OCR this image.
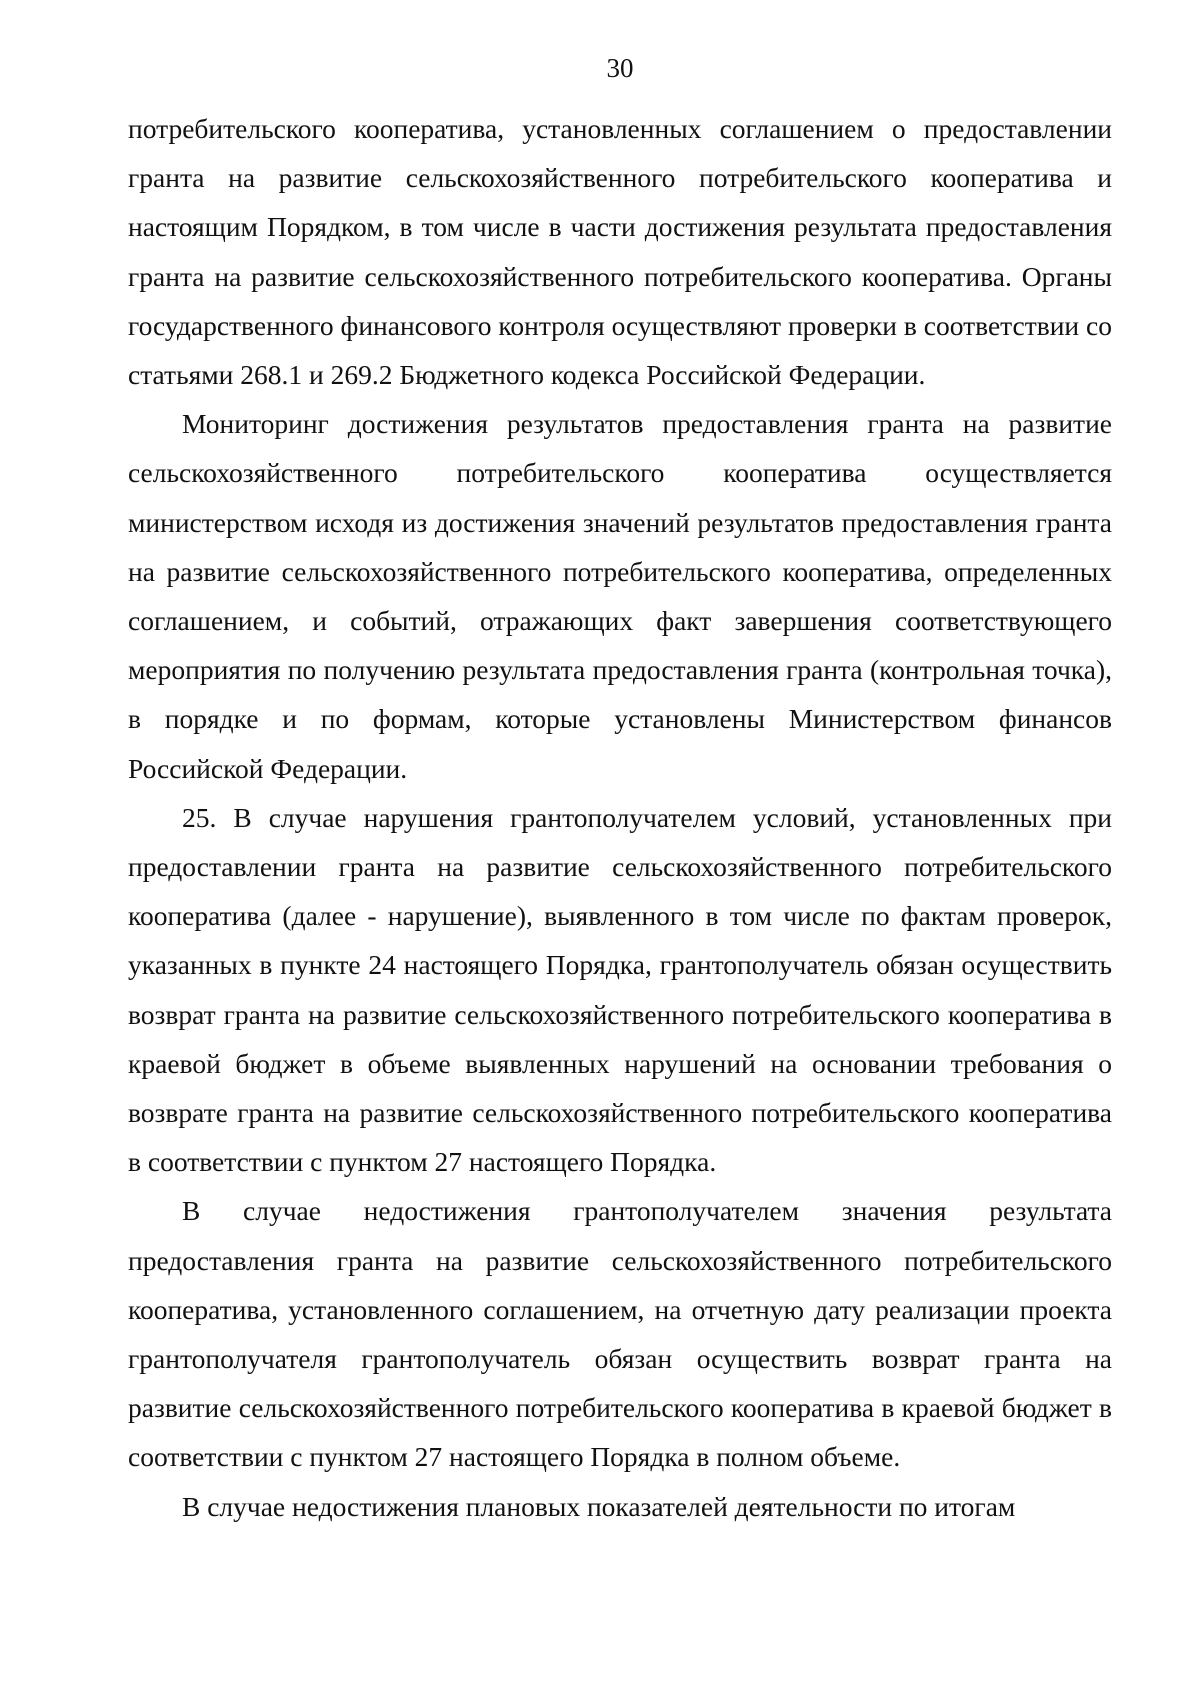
30

потребительского кооператива, установленных соглашением о предоставлении гранта на развитие сельскохозяйственного потребительского кооператива и настоящим Порядком, в том числе в части достижения результата предоставления гранта на развитие сельскохозяйственного потребительского кооператива. Органы государственного финансового контроля осуществляют проверки в соответствии со статьями 268.1 и 269.2 Бюджетного кодекса Российской Федерации.

Мониторинг достижения результатов предоставления гранта на развитие сельскохозяйственного потребительского кооператива осуществляется министерством исходя из достижения значений результатов предоставления гранта на развитие сельскохозяйственного потребительского кооператива, определенных соглашением, и событий, отражающих факт завершения соответствующего мероприятия по получению результата предоставления гранта (контрольная точка), в порядке и по формам, которые установлены Министерством финансов Российской Федерации.

25. В случае нарушения грантополучателем условий, установленных при предоставлении гранта на развитие сельскохозяйственного потребительского кооператива (далее - нарушение), выявленного в том числе по фактам проверок, указанных в пункте 24 настоящего Порядка, грантополучатель обязан осуществить возврат гранта на развитие сельскохозяйственного потребительского кооператива в краевой бюджет в объеме выявленных нарушений на основании требования о возврате гранта на развитие сельскохозяйственного потребительского кооператива в соответствии с пунктом 27 настоящего Порядка.

В случае недостижения грантополучателем значения результата предоставления гранта на развитие сельскохозяйственного потребительского кооператива, установленного соглашением, на отчетную дату реализации проекта грантополучателя грантополучатель обязан осуществить возврат гранта на развитие сельскохозяйственного потребительского кооператива в краевой бюджет в соответствии с пунктом 27 настоящего Порядка в полном объеме.

В случае недостижения плановых показателей деятельности по итогам
